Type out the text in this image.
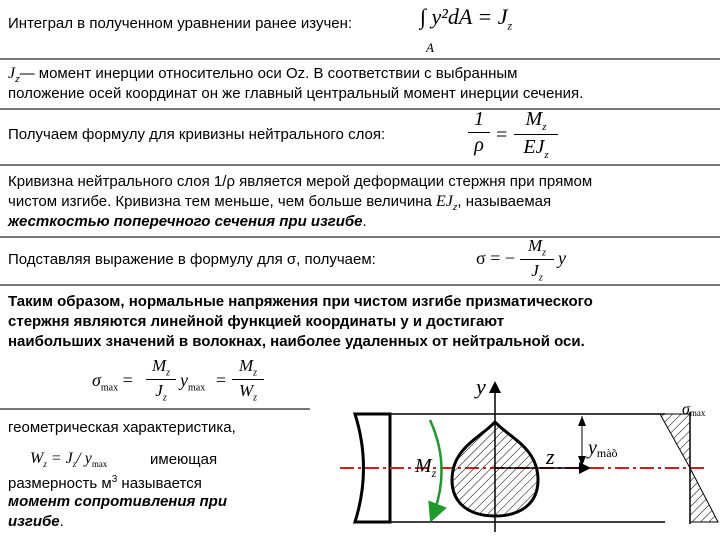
Интеграл в полученном уравнении ранее изучен:	∫ $y^2dA = J_z$
A
$J_z—$ момент инерции относительно оси Oz. В соответствии с выбранным
положение осей координат он же главный центральный момент инерции сечения.
Получаем формулу для кривизны нейтрального слоя:
1
ρ =
$M_z$
$EJ_z$
Кривизна нейтрального слоя 1/ρ является мерой деформации стержня при прямом
чистом изгибе. Кривизна тем меньше, чем больше величина $EJ_z$, называемая
жесткостью поперечного сечения при изгибе.
Подставляя выражение в формулу для σ, получаем:	σ = −
$M_z$
$J_z$
y
Таким образом, нормальные напряжения при чистом изгибе призматического
стержня являются линейной функцией координаты y и достигают
наибольших значений в волокнах, наиболее удаленных от нейтральной оси.
$\sigma_{max}$ =
$M_z$
$J_z$
$y_{max}$ =
$M_z$
$W_z$
геометрическая характеристика,
$W_z = J_z/$ $y_{max}$	имеющая
размерность $м^3$ называется
момент сопротивления при
изгибе.
z
y
$M_z$
ymàõ
σmax
